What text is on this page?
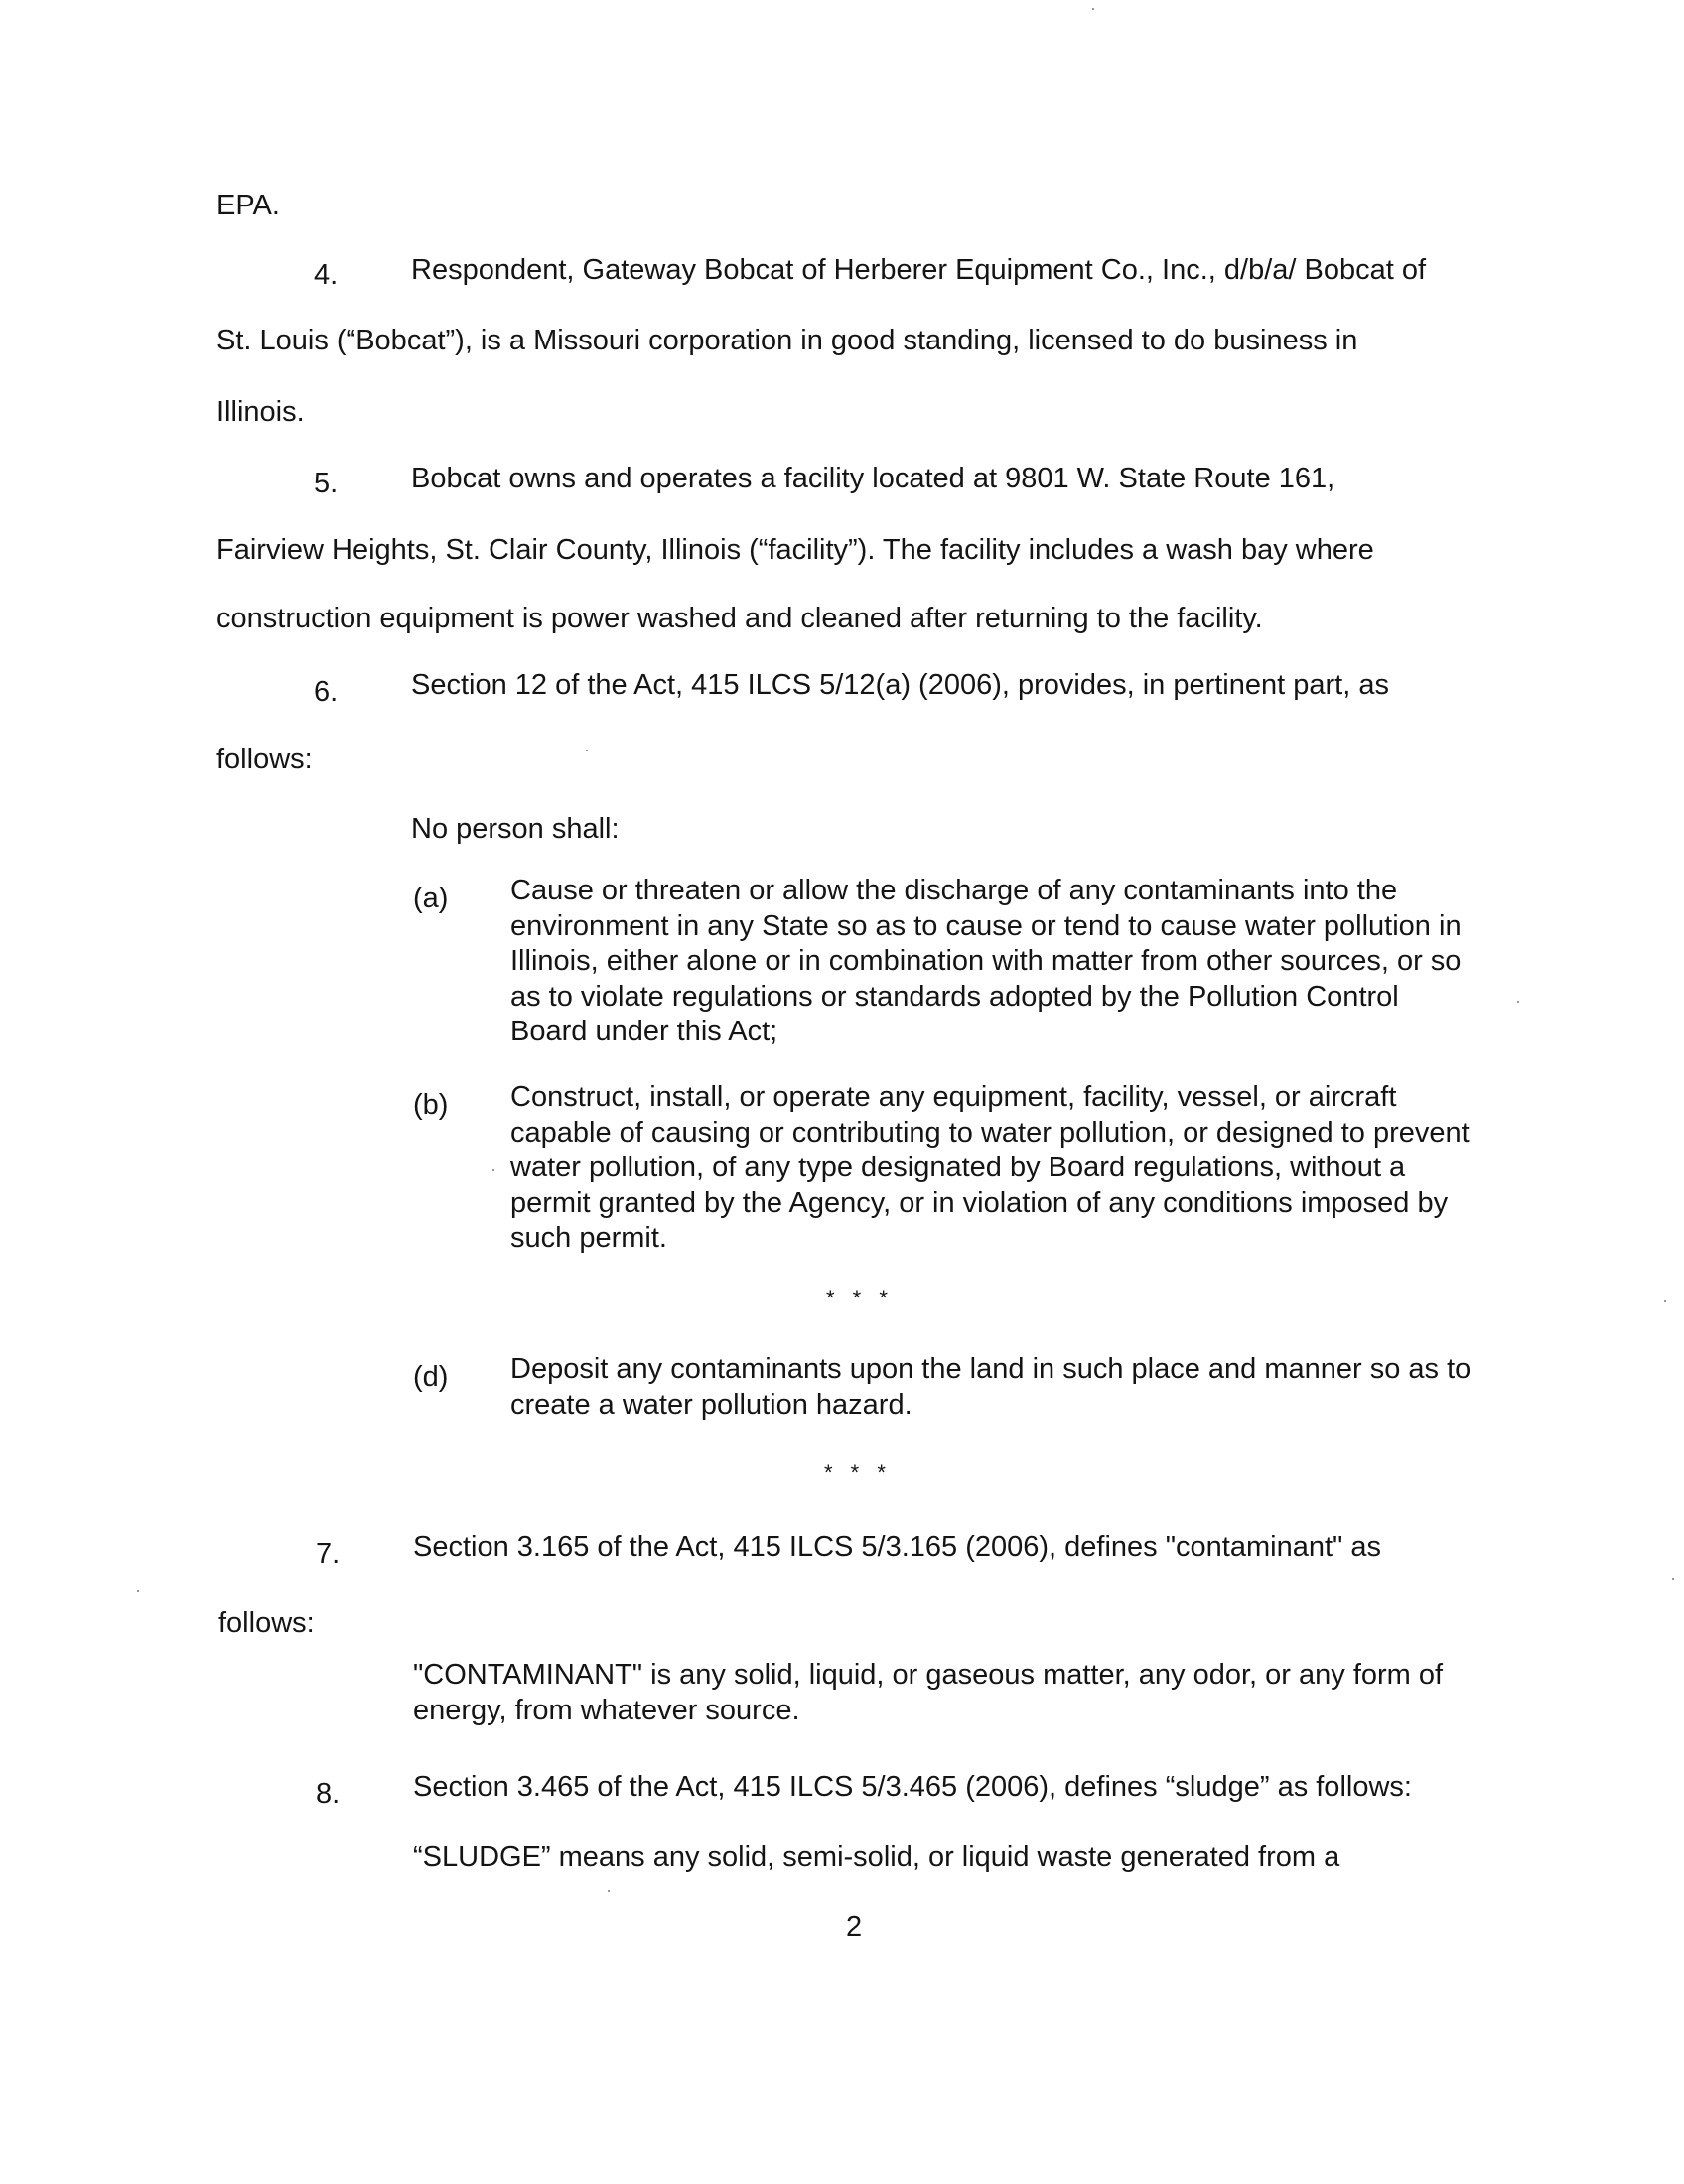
EPA.
4.	Respondent, Gateway Bobcat of Herberer Equipment Co., Inc., d/b/a/ Bobcat of
St. Louis (“Bobcat”), is a Missouri corporation in good standing, licensed to do business in
Illinois.
5.	Bobcat owns and operates a facility located at 9801 W. State Route 161,
Fairview Heights, St. Clair County, Illinois (“facility”). The facility includes a wash bay where
construction equipment is power washed and cleaned after returning to the facility.
6.	Section 12 of the Act, 415 ILCS 5/12(a) (2006), provides, in pertinent part, as
follows:
No person shall:
(a) Cause or threaten or allow the discharge of any contaminants into the environment in any State so as to cause or tend to cause water pollution in Illinois, either alone or in combination with matter from other sources, or so as to violate regulations or standards adopted by the Pollution Control Board under this Act;
(b) Construct, install, or operate any equipment, facility, vessel, or aircraft capable of causing or contributing to water pollution, or designed to prevent water pollution, of any type designated by Board regulations, without a permit granted by the Agency, or in violation of any conditions imposed by such permit.
* * *
(d) Deposit any contaminants upon the land in such place and manner so as to create a water pollution hazard.
* * *
7.	Section 3.165 of the Act, 415 ILCS 5/3.165 (2006), defines "contaminant" as
follows:
"CONTAMINANT" is any solid, liquid, or gaseous matter, any odor, or any form of energy, from whatever source.
8.	Section 3.465 of the Act, 415 ILCS 5/3.465 (2006), defines “sludge” as follows:
“SLUDGE” means any solid, semi-solid, or liquid waste generated from a
2
